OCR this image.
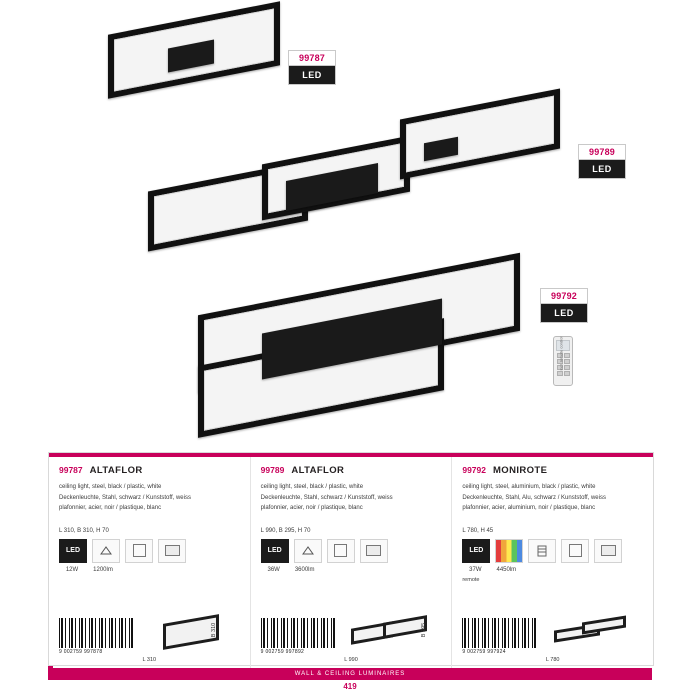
99787
LED
99789
LED
99792
LED
incl. remote control
99787 ALTAFLOR
ceiling light, steel, black / plastic, white
Deckenleuchte, Stahl, schwarz / Kunststoff, weiss
plafonnier, acier, noir / plastique, blanc
L 310, B 310, H 70
LED
12W	1200lm
9 002759 997878
B 310
L 310
99789 ALTAFLOR
ceiling light, steel, black / plastic, white
Deckenleuchte, Stahl, schwarz / Kunststoff, weiss
plafonnier, acier, noir / plastique, blanc
L 990, B 295, H 70
LED
36W	3600lm
9 002759 997892
B 295
L 990
99792 MONIROTE
ceiling light, steel, aluminium, black / plastic, white
Deckenleuchte, Stahl, Alu, schwarz / Kunststoff, weiss
plafonnier, acier, aluminium, noir / plastique, blanc
L 780, H 45
LED
37W	4450lm
remote
9 002759 997924
L 780
WALL & CEILING LUMINAIRES
419
